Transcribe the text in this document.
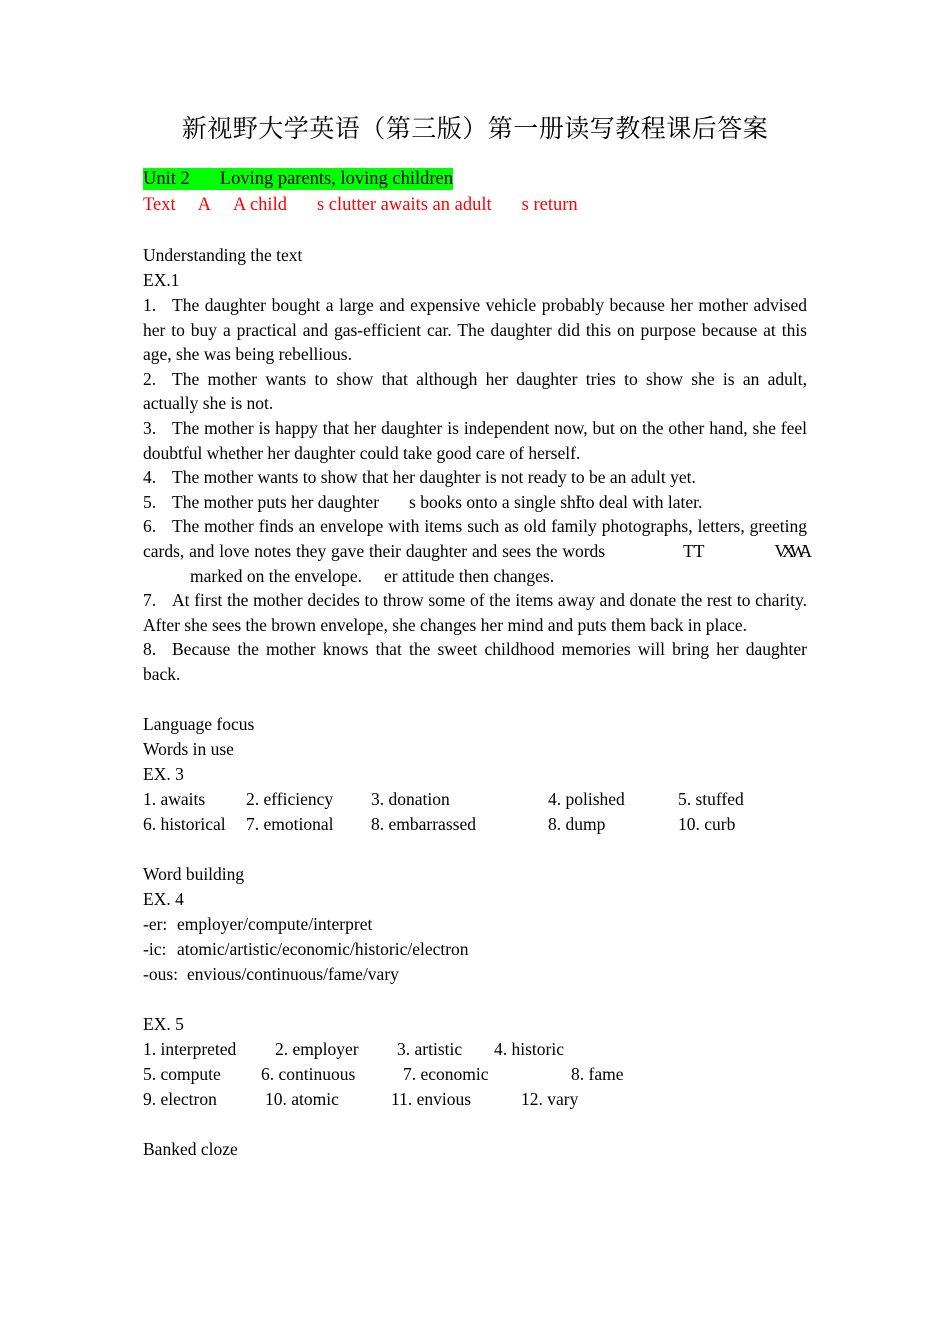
新视野大学英语（第三版）第一册读写教程课后答案
Unit 2 Loving parents, loving children
Text A A child s clutter awaits an adult s return
Understanding the text
EX.1
1. The daughter bought a large and expensive vehicle probably because her mother advised her to buy a practical and gas-efficient car. The daughter did this on purpose because at this age, she was being rebellious.
2. The mother wants to show that although her daughter tries to show she is an adult, actually she is not.
3. The mother is happy that her daughter is independent now, but on the other hand, she feel doubtful whether her daughter could take good care of herself.
4. The mother wants to show that her daughter is not ready to be an adult yet.
5. The mother puts her daughter s books onto a single shlf to deal with later.
6. The mother finds an envelope with items such as old family photographs, letters, greeting cards, and love notes they gave their daughter and sees the words	TT	VXWAmarked on the envelope. er attitude then changes.
7. At first the mother decides to throw some of the items away and donate the rest to charity. After she sees the brown envelope, she changes her mind and puts them back in place.
8. Because the mother knows that the sweet childhood memories will bring her daughter back.
Language focus
Words in use
EX. 3
1. awaits 2. efficiency 3. donation	4. polished	5. stuffed
6. historical 7. emotional 8. embarrassed	8. dump	10. curb
Word building
EX. 4
-er: employer/compute/interpret
-ic: atomic/artistic/economic/historic/electron
-ous: envious/continuous/fame/vary
EX. 5
1. interpreted 2. employer 3. artistic 4. historic
5. compute 6. continuous	7. economic	8. fame
9. electron	10. atomic	11. envious	12. vary
Banked cloze
